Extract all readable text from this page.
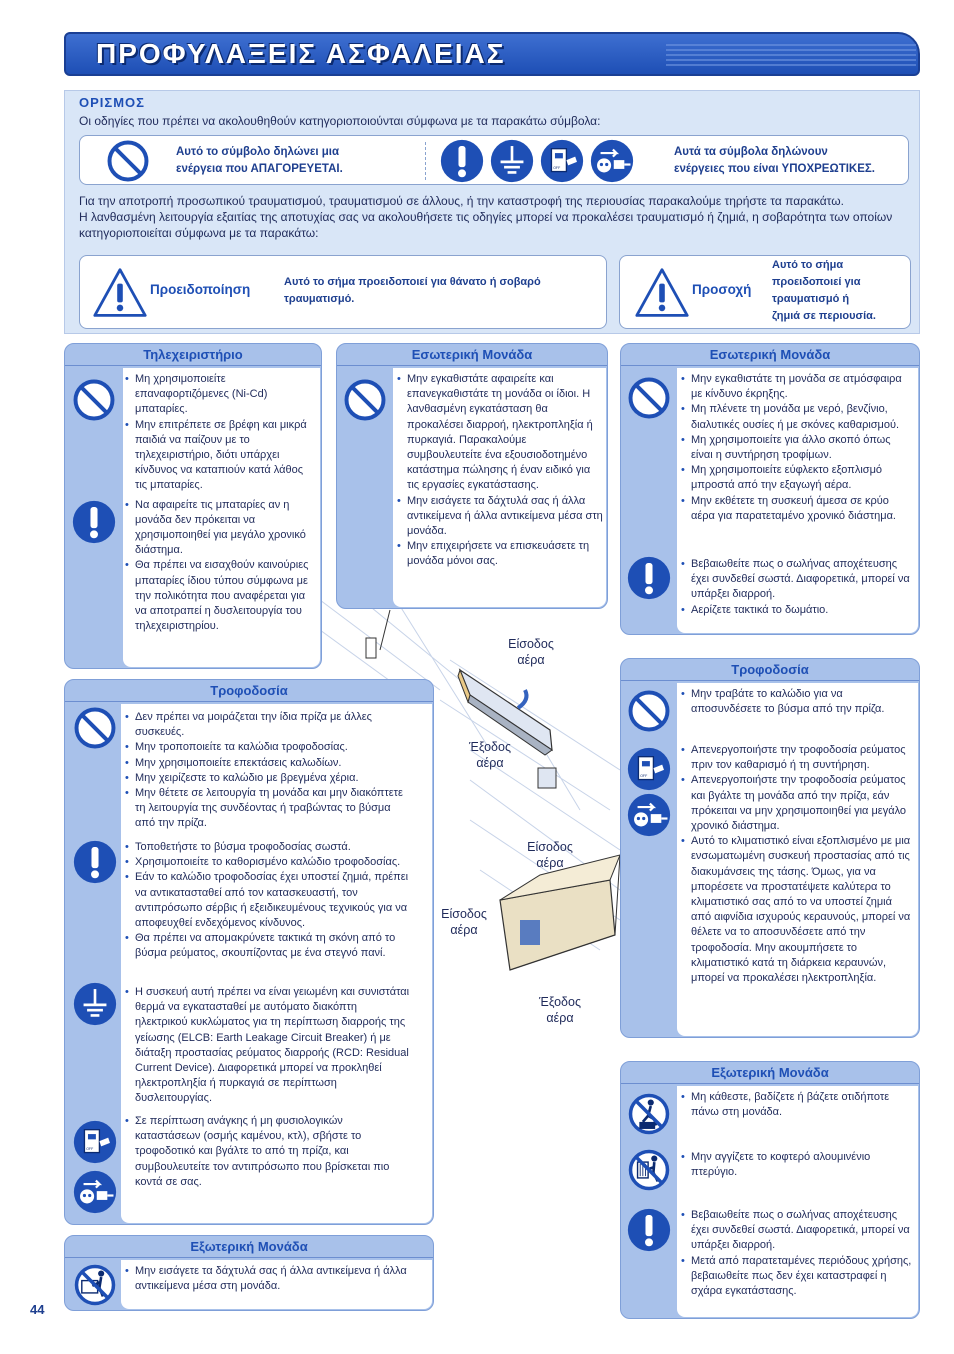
ΠΡΟΦΥΛΑΞΕΙΣ ΑΣΦΑΛΕΙΑΣ
ΟΡΙΣΜΟΣ
Οι οδηγίες που πρέπει να ακολουθηθούν κατηγοριοποιούνται σύμφωνα με τα παρακάτω σύμβολα:
Αυτό το σύμβολο δηλώνει μια
ενέργεια που ΑΠΑΓΟΡΕΥΕΤΑΙ.
Αυτά τα σύμβολα δηλώνουν
ενέργειες που είναι ΥΠΟΧΡΕΩΤΙΚΕΣ.
Για την αποτροπή προσωπικού τραυματισμού, τραυματισμού σε άλλους, ή την καταστροφή της περιουσίας παρακαλούμε τηρήστε τα παρακάτω.
Η λανθασμένη λειτουργία εξαιτίας της αποτυχίας σας να ακολουθήσετε τις οδηγίες μπορεί να προκαλέσει τραυματισμό ή ζημιά, η σοβαρότητα των οποίων
κατηγοριοποιείται σύμφωνα με τα παρακάτω:
Προειδοποίηση	Αυτό το σήμα προειδοποιεί για θάνατο ή σοβαρό
τραυματισμό.
Προσοχή
Αυτό το σήμα
προειδοποιεί για
τραυματισμό ή
ζημιά σε περιουσία.
Είσοδος αέρα
Έξοδος αέρα
Είσοδος αέρα
Είσοδος αέρα
Έξοδος αέρα
Τηλεχειριστήριο
• Μη χρησιμοποιείτε επαναφορτιζόμενες (Ni-Cd) μπαταρίες.
• Μην επιτρέπετε σε βρέφη και μικρά παιδιά να παίζουν με το τηλεχειριστήριο, διότι υπάρχει κίνδυνος να καταπιούν κατά λάθος τις μπαταρίες.
• Να αφαιρείτε τις μπαταρίες αν η μονάδα δεν πρόκειται να χρησιμοποιηθεί για μεγάλο χρονικό διάστημα.
• Θα πρέπει να εισαχθούν καινούριες μπαταρίες ίδιου τύπου σύμφωνα με την πολικότητα που αναφέρεται για να αποτραπεί η δυσλειτουργία του τηλεχειριστηρίου.
Εσωτερική Μονάδα
• Μην εγκαθιστάτε αφαιρείτε και επανεγκαθιστάτε τη μονάδα οι ίδιοι. Η λανθασμένη εγκατάσταση θα προκαλέσει διαρροή, ηλεκτροπληξία ή πυρκαγιά. Παρακαλούμε συμβουλευτείτε ένα εξουσιοδοτημένο κατάστημα πώλησης ή έναν ειδικό για τις εργασίες εγκατάστασης.
• Μην εισάγετε τα δάχτυλά σας ή άλλα αντικείμενα ή άλλα αντικείμενα μέσα στη μονάδα.
• Μην επιχειρήσετε να επισκευάσετε τη μονάδα μόνοι σας.
Εσωτερική Μονάδα
• Μην εγκαθιστάτε τη μονάδα σε ατμόσφαιρα με κίνδυνο έκρηξης.
• Μη πλένετε τη μονάδα με νερό, βενζίνιο, διαλυτικές ουσίες ή με σκόνες καθαρισμού.
• Μη χρησιμοποιείτε για άλλο σκοπό όπως είναι η συντήρηση τροφίμων.
• Μη χρησιμοποιείτε εύφλεκτο εξοπλισμό μπροστά από την εξαγωγή αέρα.
• Μην εκθέτετε τη συσκευή άμεσα σε κρύο αέρα για παρατεταμένο χρονικό διάστημα.
• Βεβαιωθείτε πως ο σωλήνας αποχέτευσης έχει συνδεθεί σωστά. Διαφορετικά, μπορεί να υπάρξει διαρροή.
• Αερίζετε τακτικά το δωμάτιο.
Τροφοδοσία
• Δεν πρέπει να μοιράζεται την ίδια πρίζα με άλλες συσκευές.
• Μην τροποποιείτε τα καλώδια τροφοδοσίας.
• Μην χρησιμοποιείτε επεκτάσεις καλωδίων.
• Μην χειρίζεστε το καλώδιο με βρεγμένα χέρια.
• Μην θέτετε σε λειτουργία τη μονάδα και μην διακόπτετε τη λειτουργία της συνδέοντας ή τραβώντας το βύσμα από την πρίζα.
• Τοποθετήστε το βύσμα τροφοδοσίας σωστά.
• Χρησιμοποιείτε το καθορισμένο καλώδιο τροφοδοσίας.
• Εάν το καλώδιο τροφοδοσίας έχει υποστεί ζημιά, πρέπει να αντικατασταθεί από τον κατασκευαστή, τον αντιπρόσωπο σέρβις ή εξειδικευμένους τεχνικούς για να αποφευχθεί ενδεχόμενος κίνδυνος.
• Θα πρέπει να απομακρύνετε τακτικά τη σκόνη από το βύσμα ρεύματος, σκουπίζοντας με ένα στεγνό πανί.
• Η συσκευή αυτή πρέπει να είναι γειωμένη και συνιστάται θερμά να εγκατασταθεί με αυτόματο διακόπτη ηλεκτρικού κυκλώματος για τη περίπτωση διαρροής της γείωσης (ELCB: Earth Leakage Circuit Breaker) ή με διάταξη προστασίας ρεύματος διαρροής (RCD: Residual Current Device). Διαφορετικά μπορεί να προκληθεί ηλεκτροπληξία ή πυρκαγιά σε περίπτωση δυσλειτουργίας.
• Σε περίπτωση ανάγκης ή μη φυσιολογικών καταστάσεων (οσμής καμένου, κτλ), σβήστε το τροφοδοτικό και βγάλτε το από τη πρίζα, και συμβουλευτείτε τον αντιπρόσωπο που βρίσκεται πιο κοντά σε σας.
Εξωτερική Μονάδα
• Μην εισάγετε τα δάχτυλά σας ή άλλα αντικείμενα ή άλλα αντικείμενα μέσα στη μονάδα.
Τροφοδοσία
• Μην τραβάτε το καλώδιο για να αποσυνδέσετε το βύσμα από την πρίζα.
• Απενεργοποιήστε την τροφοδοσία ρεύματος πριν τον καθαρισμό ή τη συντήρηση.
• Απενεργοποιήστε την τροφοδοσία ρεύματος και βγάλτε τη μονάδα από την πρίζα, εάν πρόκειται να μην χρησιμοποιηθεί για μεγάλο χρονικό διάστημα.
• Αυτό το κλιματιστικό είναι εξοπλισμένο με μια ενσωματωμένη συσκευή προστασίας από τις διακυμάνσεις της τάσης. Όμως, για να μπορέσετε να προστατέψετε καλύτερα το κλιματιστικό σας από το να υποστεί ζημιά από αιφνίδια ισχυρούς κεραυνούς, μπορεί να θέλετε να το αποσυνδέσετε από την τροφοδοσία. Μην ακουμπήσετε το κλιματιστικό κατά τη διάρκεια κεραυνών, μπορεί να προκαλέσει ηλεκτροπληξία.
Εξωτερική Μονάδα
• Μη κάθεστε, βαδίζετε ή βάζετε οτιδήποτε πάνω στη μονάδα.
• Μην αγγίζετε το κοφτερό αλουμινένιο πτερύγιο.
• Βεβαιωθείτε πως ο σωλήνας αποχέτευσης έχει συνδεθεί σωστά. Διαφορετικά, μπορεί να υπάρξει διαρροή.
• Μετά από παρατεταμένες περιόδους χρήσης, βεβαιωθείτε πως δεν έχει καταστραφεί η σχάρα εγκατάστασης.
44
